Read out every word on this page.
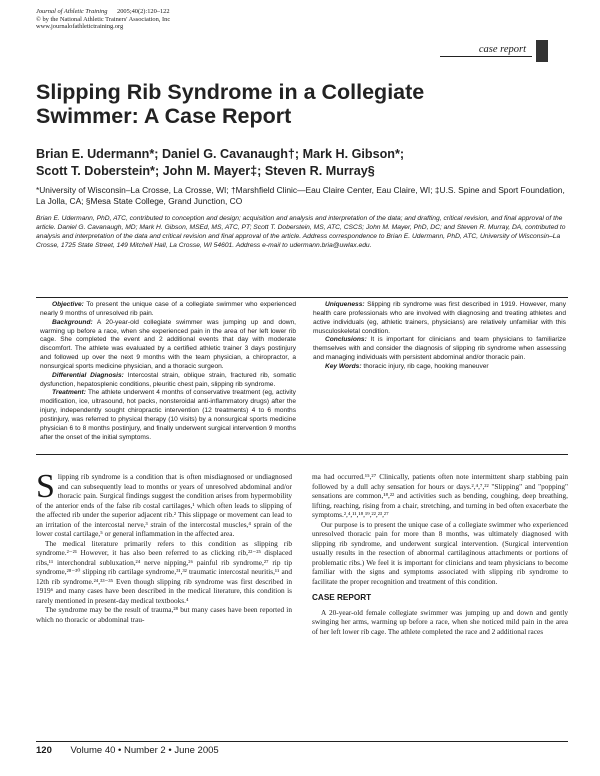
Journal of Athletic Training 2005;40(2):120–122
© by the National Athletic Trainers' Association, Inc
www.journalofathletictraining.org
case report
Slipping Rib Syndrome in a Collegiate
Swimmer: A Case Report
Brian E. Udermann*; Daniel G. Cavanaugh†; Mark H. Gibson*;
Scott T. Doberstein*; John M. Mayer‡; Steven R. Murray§
*University of Wisconsin–La Crosse, La Crosse, WI; †Marshfield Clinic—Eau Claire Center, Eau Claire, WI; ‡U.S. Spine and Sport Foundation, La Jolla, CA; §Mesa State College, Grand Junction, CO
Brian E. Udermann, PhD, ATC, contributed to conception and design; acquisition and analysis and interpretation of the data; and drafting, critical revision, and final approval of the article. Daniel G. Cavanaugh, MD; Mark H. Gibson, MSEd, MS, ATC, PT; Scott T. Doberstein, MS, ATC, CSCS; John M. Mayer, PhD, DC; and Steven R. Murray, DA, contributed to analysis and interpretation of the data and critical revision and final approval of the article. Address correspondence to Brian E. Udermann, PhD, ATC, University of Wisconsin–La Crosse, 1725 State Street, 149 Mitchell Hall, La Crosse, WI 54601. Address e-mail to udermann.bria@uwlax.edu.

Objective: To present the unique case of a collegiate swimmer who experienced nearly 9 months of unresolved rib pain.

Background: A 20-year-old collegiate swimmer was jumping up and down, warming up before a race, when she experienced pain in the area of her left lower rib cage. She completed the event and 2 additional events that day with moderate discomfort. The athlete was evaluated by a certified athletic trainer 3 days postinjury and followed up over the next 9 months with the team physician, a chiropractor, a nonsurgical sports medicine physician, and a thoracic surgeon.

Differential Diagnosis: Intercostal strain, oblique strain, fractured rib, somatic dysfunction, hepatosplenic conditions, pleuritic chest pain, slipping rib syndrome.

Treatment: The athlete underwent 4 months of conservative treatment (eg, activity modification, ice, ultrasound, hot packs, nonsteroidal anti-inflammatory drugs) after the injury, independently sought chiropractic intervention (12 treatments) 4 to 6 months postinjury, was referred to physical therapy (10 visits) by a nonsurgical sports medicine physician 6 to 8 months postinjury, and finally underwent surgical intervention 9 months after the onset of the initial symptoms.

Uniqueness: Slipping rib syndrome was first described in 1919. However, many health care professionals who are involved with diagnosing and treating athletes and active individuals (eg, athletic trainers, physicians) are relatively unfamiliar with this musculoskeletal condition.

Conclusions: It is important for clinicians and team physicians to familiarize themselves with and consider the diagnosis of slipping rib syndrome when assessing and managing individuals with persistent abdominal and/or thoracic pain.

Key Words: thoracic injury, rib cage, hooking maneuver

Slipping rib syndrome is a condition that is often misdiagnosed or undiagnosed and can subsequently lead to months or years of unresolved abdominal and/or thoracic pain. Surgical findings suggest the condition arises from hypermobility of the anterior ends of the false rib costal cartilages,¹ which often leads to slipping of the affected rib under the superior adjacent rib.² This slippage or movement can lead to an irritation of the intercostal nerve,³ strain of the intercostal muscles,⁴ sprain of the lower costal cartilage,⁵ or general inflammation in the affected area.

The medical literature primarily refers to this condition as slipping rib syndrome.²⁻²¹ However, it has also been referred to as clicking rib,²²⁻²⁵ displaced ribs,¹¹ interchondral subluxation,²⁴ nerve nipping,²⁶ painful rib syndrome,²⁷ rip tip syndrome,²⁸⁻³⁰ slipping rib cartilage syndrome,³¹,³² traumatic intercostal neuritis,¹¹ and 12th rib syndrome.²⁴,³³⁻³⁵ Even though slipping rib syndrome was first described in 1919⁶ and many cases have been described in the medical literature, this condition is rarely mentioned in present-day medical textbooks.⁴

The syndrome may be the result of trauma,²⁸ but many cases have been reported in which no thoracic or abdominal trau-

ma had occurred.¹⁵,²⁷ Clinically, patients often note intermittent sharp stabbing pain followed by a dull achy sensation for hours or days.²,⁴,⁷,²² "Slipping" and "popping" sensations are common,¹⁸,²² and activities such as bending, coughing, deep breathing, lifting, reaching, rising from a chair, stretching, and turning in bed often exacerbate the symptoms.²,⁴,¹¹,¹⁸,¹⁹,²²,²³,²⁷

Our purpose is to present the unique case of a collegiate swimmer who experienced unresolved thoracic pain for more than 8 months, was ultimately diagnosed with slipping rib syndrome, and underwent surgical intervention. (Surgical intervention usually results in the resection of abnormal cartilaginous attachments or portions of problematic ribs.) We feel it is important for clinicians and team physicians to become familiar with the signs and symptoms associated with slipping rib syndrome to facilitate the proper recognition and treatment of this condition.

CASE REPORT

A 20-year-old female collegiate swimmer was jumping up and down and gently swinging her arms, warming up before a race, when she noticed mild pain in the area of her left lower rib cage. The athlete completed the race and 2 additional races

120 Volume 40 • Number 2 • June 2005
